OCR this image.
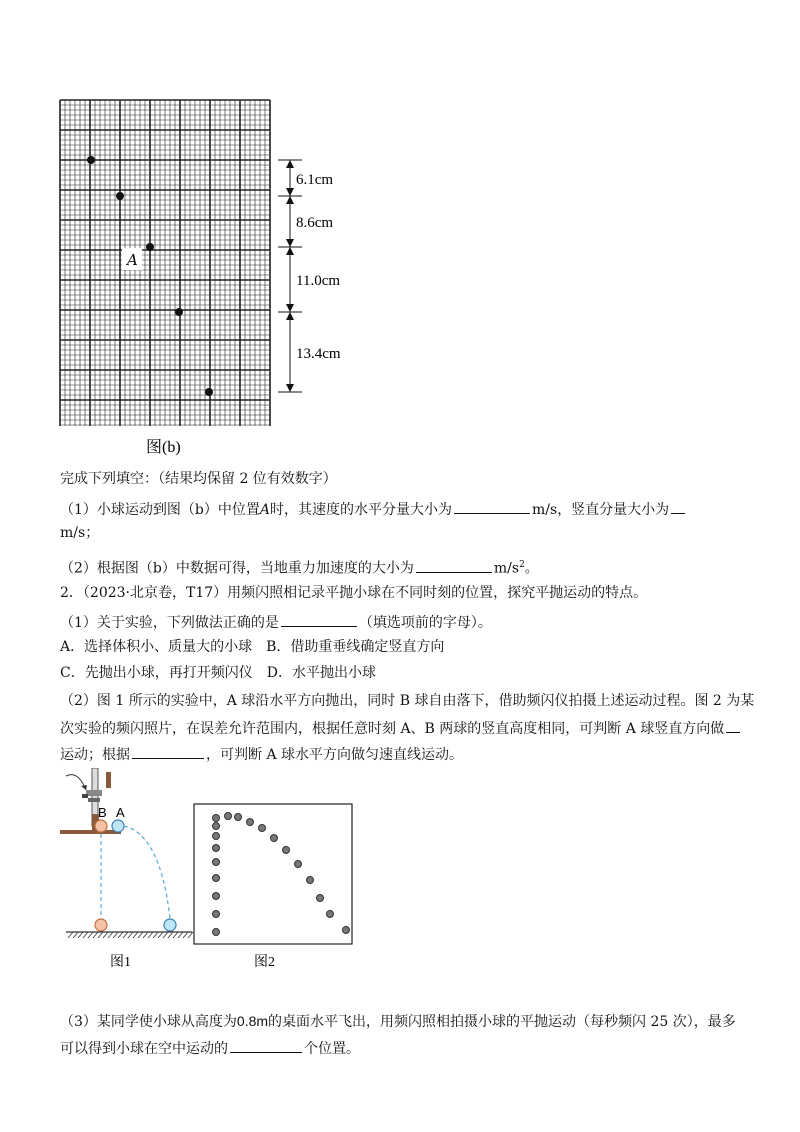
A
6.1cm
8.6cm
11.0cm
13.4cm
图(b)
完成下列填空：（结果均保留 2 位有效数字）
（1）小球运动到图（b）中位置A时，其速度的水平分量大小为	m/s，竖直分量大小为
m/s；
（2）根据图（b）中数据可得，当地重力加速度的大小为	$m/s^2$。
2．（2023·北京卷，T17）用频闪照相记录平抛小球在不同时刻的位置，探究平抛运动的特点。
（1）关于实验，下列做法正确的是	（填选项前的字母）。
A．选择体积小、质量大的小球 B．借助重垂线确定竖直方向
C．先抛出小球，再打开频闪仪 D．水平抛出小球
（2）图 1 所示的实验中，A 球沿水平方向抛出，同时 B 球自由落下，借助频闪仪拍摄上述运动过程。图 2 为某
次实验的频闪照片，在误差允许范围内，根据任意时刻 A、B 两球的竖直高度相同，可判断 A 球竖直方向做
运动；根据	，可判断 A 球水平方向做匀速直线运动。
B A
图1	图2
（3）某同学使小球从高度为0.8m的桌面水平飞出，用频闪照相拍摄小球的平抛运动（每秒频闪 25 次），最多
可以得到小球在空中运动的	个位置。
